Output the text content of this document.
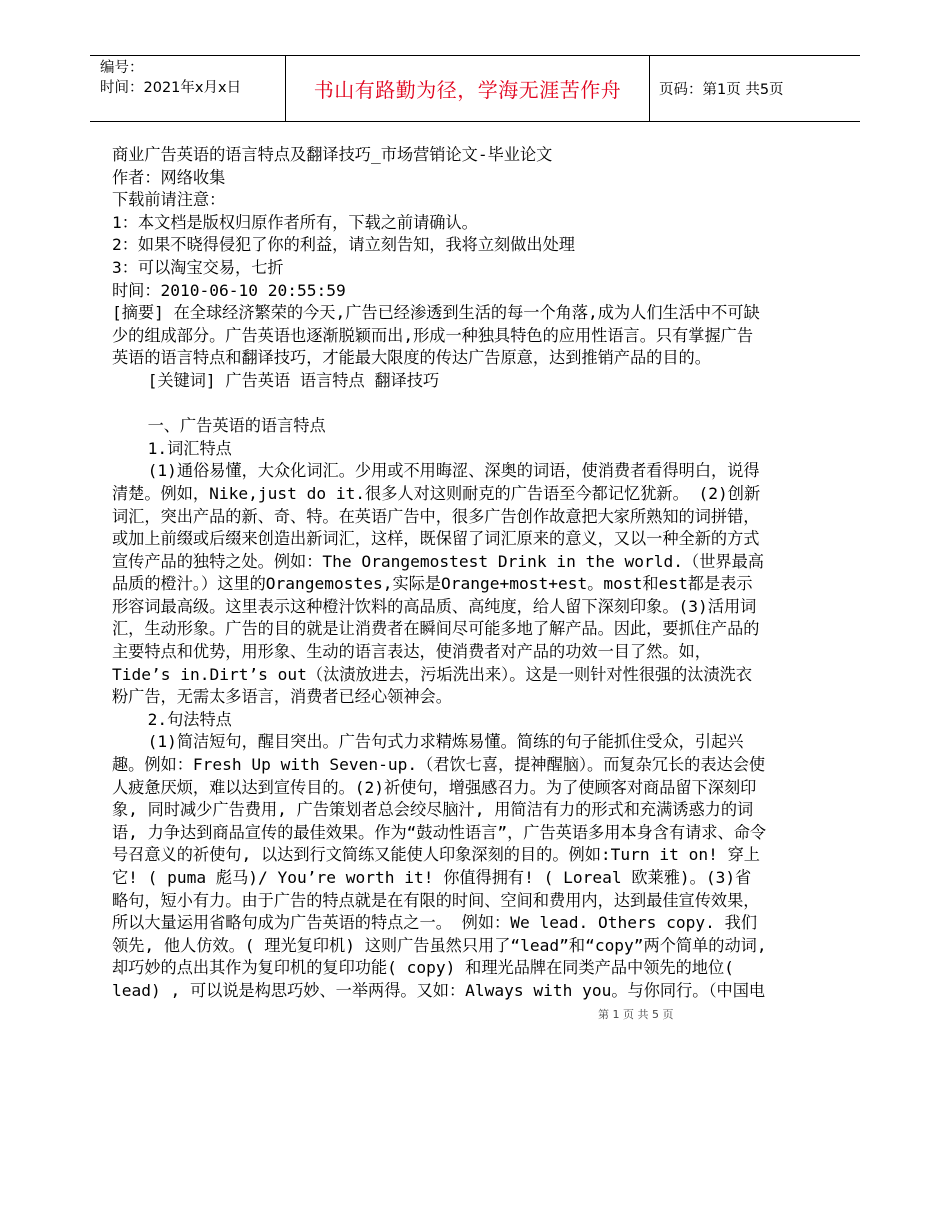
编号：
时间：2021年x月x日	书山有路勤为径，学海无涯苦作舟	页码：第1页 共5页

商业广告英语的语言特点及翻译技巧_市场营销论文-毕业论文

作者：网络收集

下载前请注意：

1：本文档是版权归原作者所有，下载之前请确认。

2：如果不晓得侵犯了你的利益，请立刻告知，我将立刻做出处理

3：可以淘宝交易，七折

时间：2010-06-10 20:55:59

[摘要] 在全球经济繁荣的今天,广告已经渗透到生活的每一个角落,成为人们生活中不可缺少的组成部分。广告英语也逐渐脱颖而出,形成一种独具特色的应用性语言。只有掌握广告英语的语言特点和翻译技巧，才能最大限度的传达广告原意，达到推销产品的目的。

[关键词] 广告英语 语言特点 翻译技巧

一、广告英语的语言特点

1.词汇特点

(1)通俗易懂，大众化词汇。少用或不用晦涩、深奥的词语，使消费者看得明白，说得清楚。例如，Nike,just do it.很多人对这则耐克的广告语至今都记忆犹新。 (2)创新词汇，突出产品的新、奇、特。在英语广告中，很多广告创作故意把大家所熟知的词拼错，或加上前缀或后缀来创造出新词汇，这样，既保留了词汇原来的意义，又以一种全新的方式宣传产品的独特之处。例如：The Orangemostest Drink in the world.（世界最高品质的橙汁。）这里的Orangemostes,实际是Orange+most+est。most和est都是表示形容词最高级。这里表示这种橙汁饮料的高品质、高纯度，给人留下深刻印象。(3)活用词汇，生动形象。广告的目的就是让消费者在瞬间尽可能多地了解产品。因此，要抓住产品的主要特点和优势，用形象、生动的语言表达，使消费者对产品的功效一目了然。如，Tide’s in.Dirt’s out（汰渍放进去，污垢洗出来）。这是一则针对性很强的汰渍洗衣粉广告，无需太多语言，消费者已经心领神会。

2.句法特点

(1)简洁短句，醒目突出。广告句式力求精炼易懂。简练的句子能抓住受众，引起兴趣。例如：Fresh Up with Seven-up.（君饮七喜，提神醒脑）。而复杂冗长的表达会使人疲惫厌烦，难以达到宣传目的。(2)祈使句，增强感召力。为了使顾客对商品留下深刻印象, 同时减少广告费用, 广告策划者总会绞尽脑汁, 用简洁有力的形式和充满诱惑力的词语, 力争达到商品宣传的最佳效果。作为“鼓动性语言”，广告英语多用本身含有请求、命令号召意义的祈使句, 以达到行文简练又能使人印象深刻的目的。例如:Turn it on! 穿上它! ( puma 彪马)/ You’re worth it! 你值得拥有! ( Loreal 欧莱雅)。(3)省略句，短小有力。由于广告的特点就是在有限的时间、空间和费用内，达到最佳宣传效果，所以大量运用省略句成为广告英语的特点之一。 例如：We lead. Others copy. 我们领先, 他人仿效。( 理光复印机) 这则广告虽然只用了“lead”和“copy”两个简单的动词,却巧妙的点出其作为复印机的复印功能( copy) 和理光品牌在同类产品中领先的地位( lead) , 可以说是构思巧妙、一举两得。又如：Always with you。与你同行。（中国电

第 1 页 共 5 页
